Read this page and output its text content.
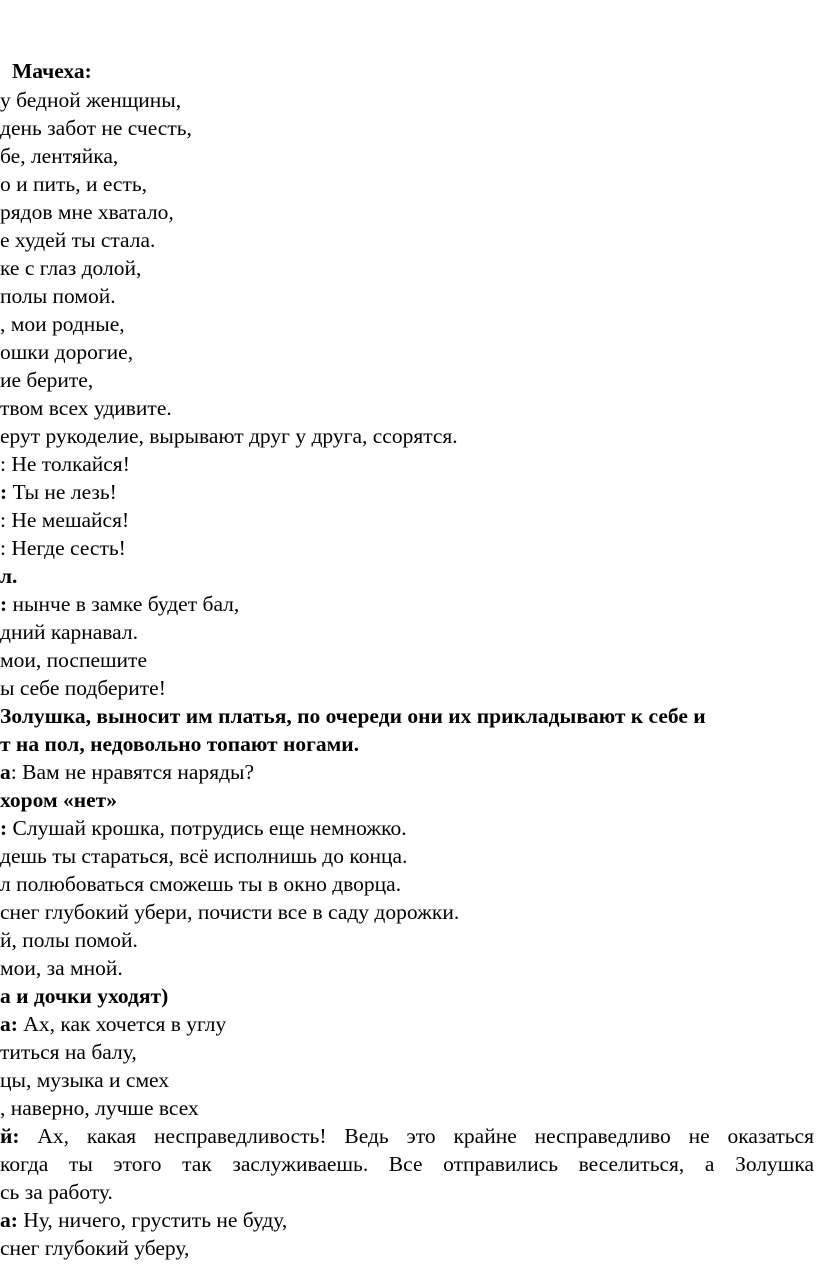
Мачеха:
у бедной женщины,
день забот не счесть,
бе, лентяйка,
о и пить, и есть,
рядов мне хватало,
е худей ты стала.
ке с глаз долой,
полы помой.
, мои родные,
ошки дорогие,
ие берите,
твом всех удивите.
ерут рукоделие, вырывают друг у друга, ссорятся.
: Не толкайся!
: Ты не лезь!
: Не мешайся!
: Негде сесть!
л.
: нынче в замке будет бал,
дний карнавал.
мои, поспешите
ы себе подберите!
Золушка, выносит им платья, по очереди они их прикладывают к себе и
т на пол, недовольно топают ногами.
а: Вам не нравятся наряды?
хором «нет»
: Слушай крошка, потрудись еще немножко.
дешь ты стараться, всё исполнишь до конца.
л полюбоваться сможешь ты в окно дворца.
снег глубокий убери, почисти все в саду дорожки.
й, полы помой.
мои, за мной.
а и дочки уходят)
а: Ах, как хочется в углу
титься на балу,
цы, музыка и смех
, наверно, лучше всех
й: Ах, какая несправедливость! Ведь это крайне несправедливо не оказаться
когда ты этого так заслуживаешь. Все отправились веселиться, а Золушка
сь за работу.
а: Ну, ничего, грустить не буду,
снег глубокий уберу,
